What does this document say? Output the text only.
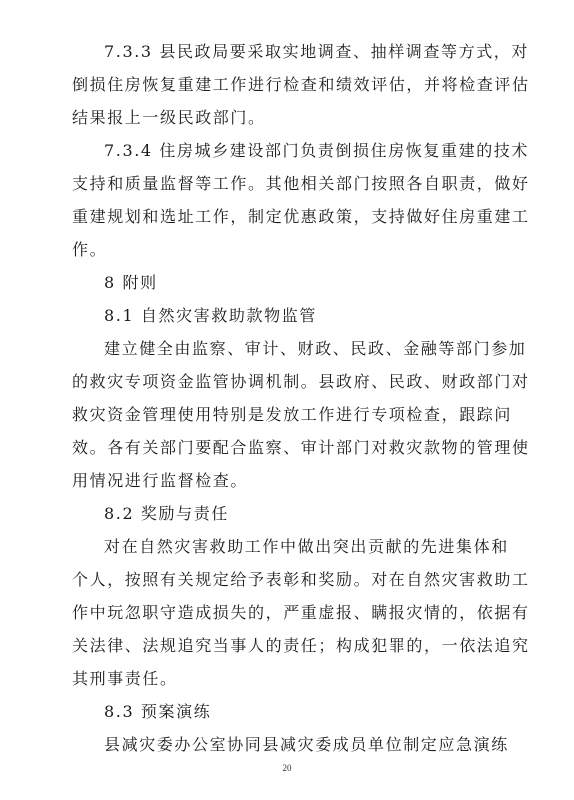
7.3.3 县民政局要采取实地调查、抽样调查等方式，对
倒损住房恢复重建工作进行检查和绩效评估，并将检查评估
结果报上一级民政部门。
7.3.4 住房城乡建设部门负责倒损住房恢复重建的技术
支持和质量监督等工作。其他相关部门按照各自职责，做好
重建规划和选址工作，制定优惠政策，支持做好住房重建工
作。
8 附则
8.1 自然灾害救助款物监管
建立健全由监察、审计、财政、民政、金融等部门参加
的救灾专项资金监管协调机制。县政府、民政、财政部门对
救灾资金管理使用特别是发放工作进行专项检查，跟踪问
效。各有关部门要配合监察、审计部门对救灾款物的管理使
用情况进行监督检查。
8.2 奖励与责任
对在自然灾害救助工作中做出突出贡献的先进集体和
个人，按照有关规定给予表彰和奖励。对在自然灾害救助工
作中玩忽职守造成损失的，严重虚报、瞒报灾情的，依据有
关法律、法规追究当事人的责任；构成犯罪的，一依法追究
其刑事责任。
8.3 预案演练
县减灾委办公室协同县减灾委成员单位制定应急演练
20
